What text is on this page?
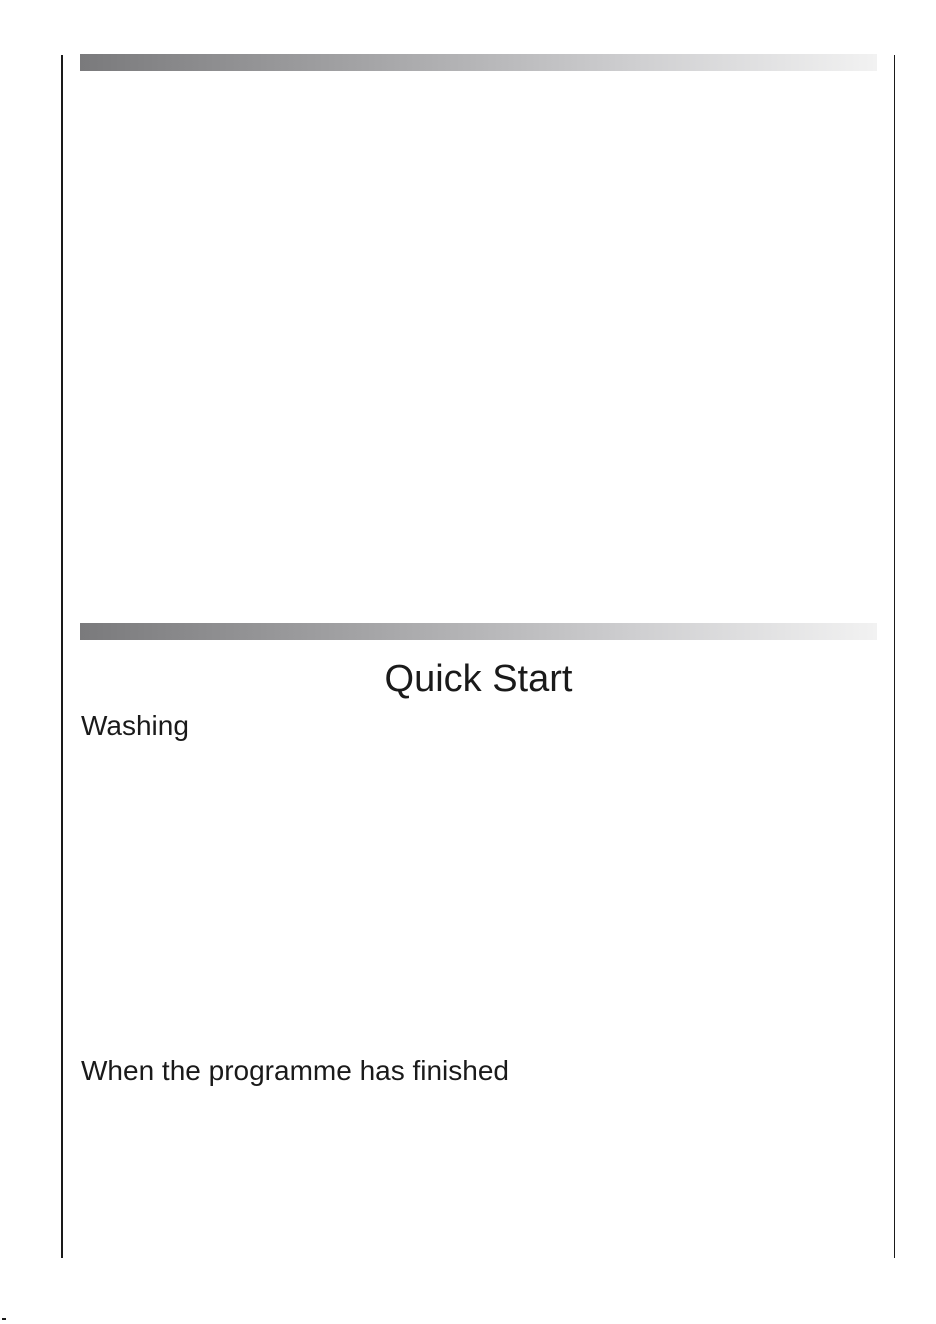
Quick Start
Washing
When the programme has finished
